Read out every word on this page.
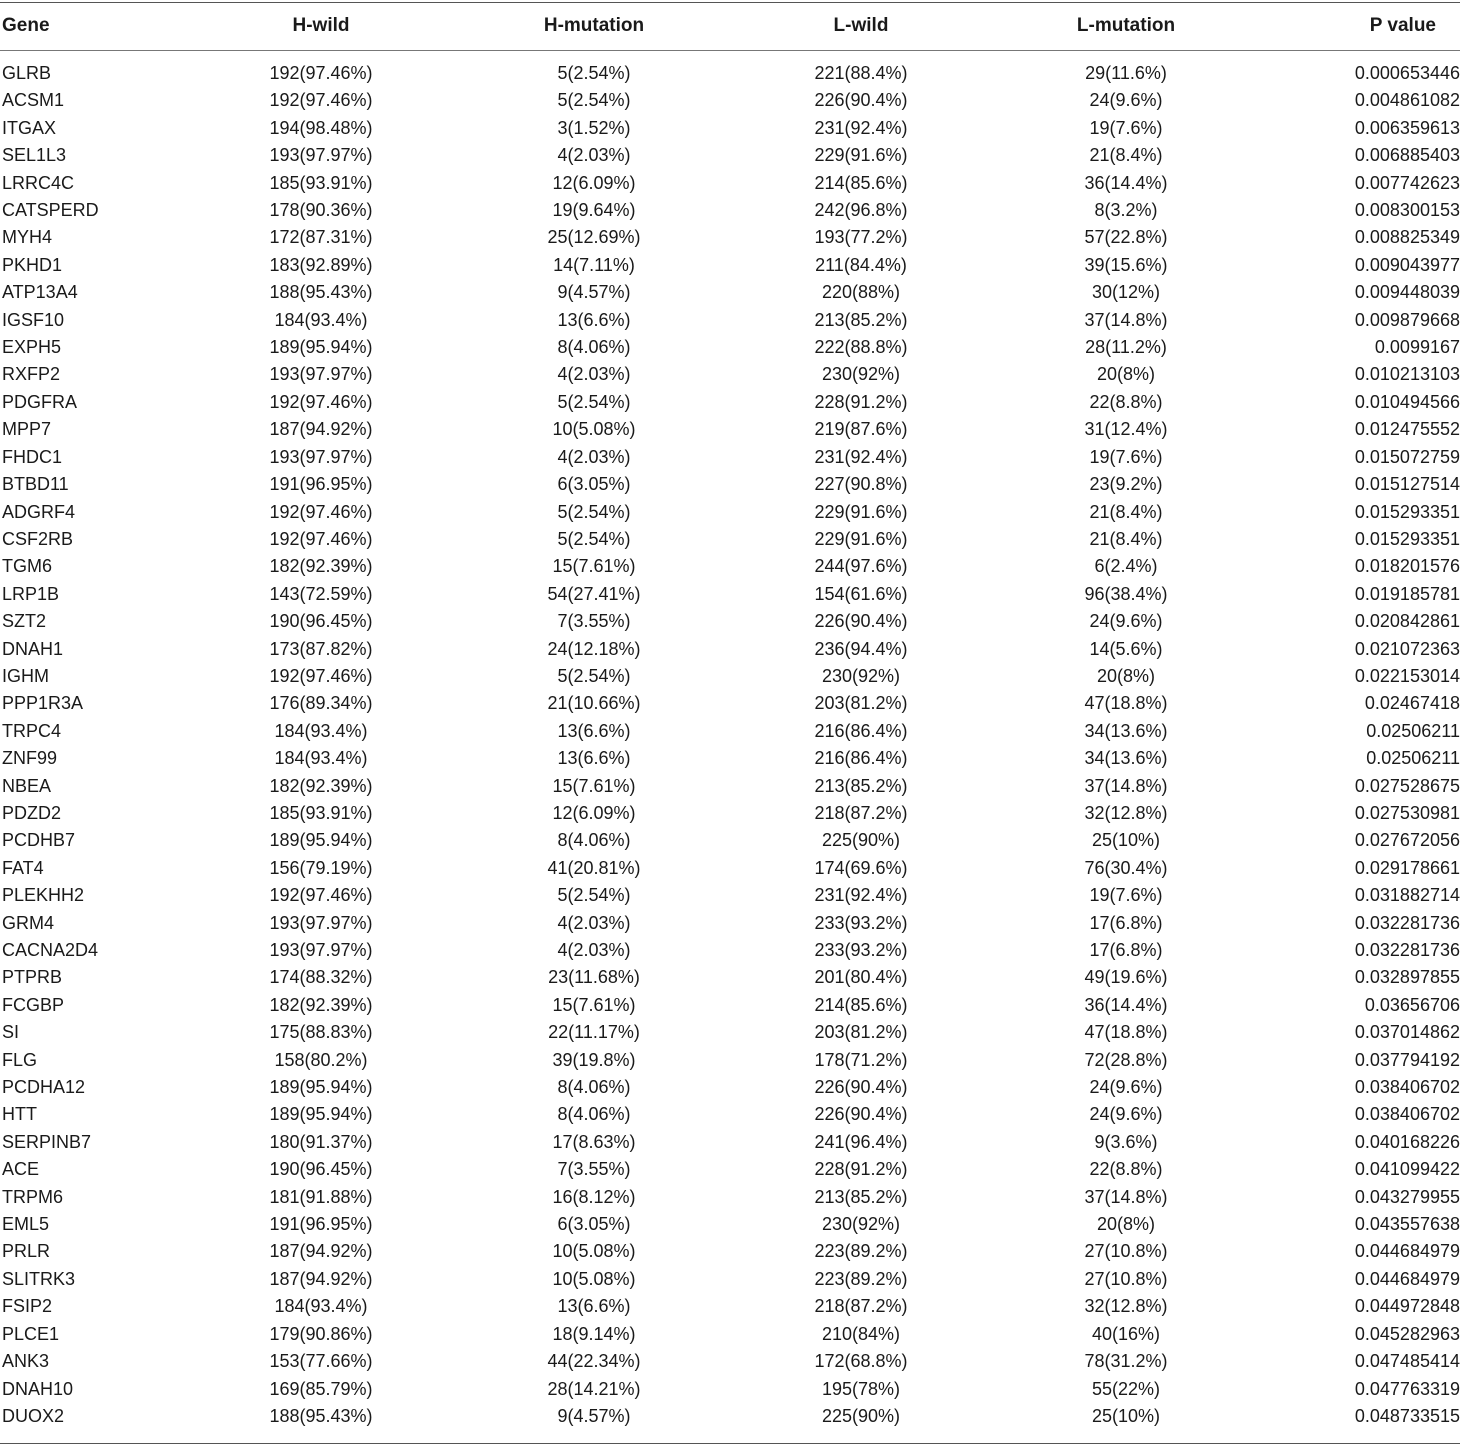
Gene	H-wild	H-mutation	L-wild	L-mutation	P value
GLRB	192(97.46%)	5(2.54%)	221(88.4%)	29(11.6%)	0.000653446
ACSM1	192(97.46%)	5(2.54%)	226(90.4%)	24(9.6%)	0.004861082
ITGAX	194(98.48%)	3(1.52%)	231(92.4%)	19(7.6%)	0.006359613
SEL1L3	193(97.97%)	4(2.03%)	229(91.6%)	21(8.4%)	0.006885403
LRRC4C	185(93.91%)	12(6.09%)	214(85.6%)	36(14.4%)	0.007742623
CATSPERD	178(90.36%)	19(9.64%)	242(96.8%)	8(3.2%)	0.008300153
MYH4	172(87.31%)	25(12.69%)	193(77.2%)	57(22.8%)	0.008825349
PKHD1	183(92.89%)	14(7.11%)	211(84.4%)	39(15.6%)	0.009043977
ATP13A4	188(95.43%)	9(4.57%)	220(88%)	30(12%)	0.009448039
IGSF10	184(93.4%)	13(6.6%)	213(85.2%)	37(14.8%)	0.009879668
EXPH5	189(95.94%)	8(4.06%)	222(88.8%)	28(11.2%)	0.0099167
RXFP2	193(97.97%)	4(2.03%)	230(92%)	20(8%)	0.010213103
PDGFRA	192(97.46%)	5(2.54%)	228(91.2%)	22(8.8%)	0.010494566
MPP7	187(94.92%)	10(5.08%)	219(87.6%)	31(12.4%)	0.012475552
FHDC1	193(97.97%)	4(2.03%)	231(92.4%)	19(7.6%)	0.015072759
BTBD11	191(96.95%)	6(3.05%)	227(90.8%)	23(9.2%)	0.015127514
ADGRF4	192(97.46%)	5(2.54%)	229(91.6%)	21(8.4%)	0.015293351
CSF2RB	192(97.46%)	5(2.54%)	229(91.6%)	21(8.4%)	0.015293351
TGM6	182(92.39%)	15(7.61%)	244(97.6%)	6(2.4%)	0.018201576
LRP1B	143(72.59%)	54(27.41%)	154(61.6%)	96(38.4%)	0.019185781
SZT2	190(96.45%)	7(3.55%)	226(90.4%)	24(9.6%)	0.020842861
DNAH1	173(87.82%)	24(12.18%)	236(94.4%)	14(5.6%)	0.021072363
IGHM	192(97.46%)	5(2.54%)	230(92%)	20(8%)	0.022153014
PPP1R3A	176(89.34%)	21(10.66%)	203(81.2%)	47(18.8%)	0.02467418
TRPC4	184(93.4%)	13(6.6%)	216(86.4%)	34(13.6%)	0.02506211
ZNF99	184(93.4%)	13(6.6%)	216(86.4%)	34(13.6%)	0.02506211
NBEA	182(92.39%)	15(7.61%)	213(85.2%)	37(14.8%)	0.027528675
PDZD2	185(93.91%)	12(6.09%)	218(87.2%)	32(12.8%)	0.027530981
PCDHB7	189(95.94%)	8(4.06%)	225(90%)	25(10%)	0.027672056
FAT4	156(79.19%)	41(20.81%)	174(69.6%)	76(30.4%)	0.029178661
PLEKHH2	192(97.46%)	5(2.54%)	231(92.4%)	19(7.6%)	0.031882714
GRM4	193(97.97%)	4(2.03%)	233(93.2%)	17(6.8%)	0.032281736
CACNA2D4	193(97.97%)	4(2.03%)	233(93.2%)	17(6.8%)	0.032281736
PTPRB	174(88.32%)	23(11.68%)	201(80.4%)	49(19.6%)	0.032897855
FCGBP	182(92.39%)	15(7.61%)	214(85.6%)	36(14.4%)	0.03656706
SI	175(88.83%)	22(11.17%)	203(81.2%)	47(18.8%)	0.037014862
FLG	158(80.2%)	39(19.8%)	178(71.2%)	72(28.8%)	0.037794192
PCDHA12	189(95.94%)	8(4.06%)	226(90.4%)	24(9.6%)	0.038406702
HTT	189(95.94%)	8(4.06%)	226(90.4%)	24(9.6%)	0.038406702
SERPINB7	180(91.37%)	17(8.63%)	241(96.4%)	9(3.6%)	0.040168226
ACE	190(96.45%)	7(3.55%)	228(91.2%)	22(8.8%)	0.041099422
TRPM6	181(91.88%)	16(8.12%)	213(85.2%)	37(14.8%)	0.043279955
EML5	191(96.95%)	6(3.05%)	230(92%)	20(8%)	0.043557638
PRLR	187(94.92%)	10(5.08%)	223(89.2%)	27(10.8%)	0.044684979
SLITRK3	187(94.92%)	10(5.08%)	223(89.2%)	27(10.8%)	0.044684979
FSIP2	184(93.4%)	13(6.6%)	218(87.2%)	32(12.8%)	0.044972848
PLCE1	179(90.86%)	18(9.14%)	210(84%)	40(16%)	0.045282963
ANK3	153(77.66%)	44(22.34%)	172(68.8%)	78(31.2%)	0.047485414
DNAH10	169(85.79%)	28(14.21%)	195(78%)	55(22%)	0.047763319
DUOX2	188(95.43%)	9(4.57%)	225(90%)	25(10%)	0.048733515
